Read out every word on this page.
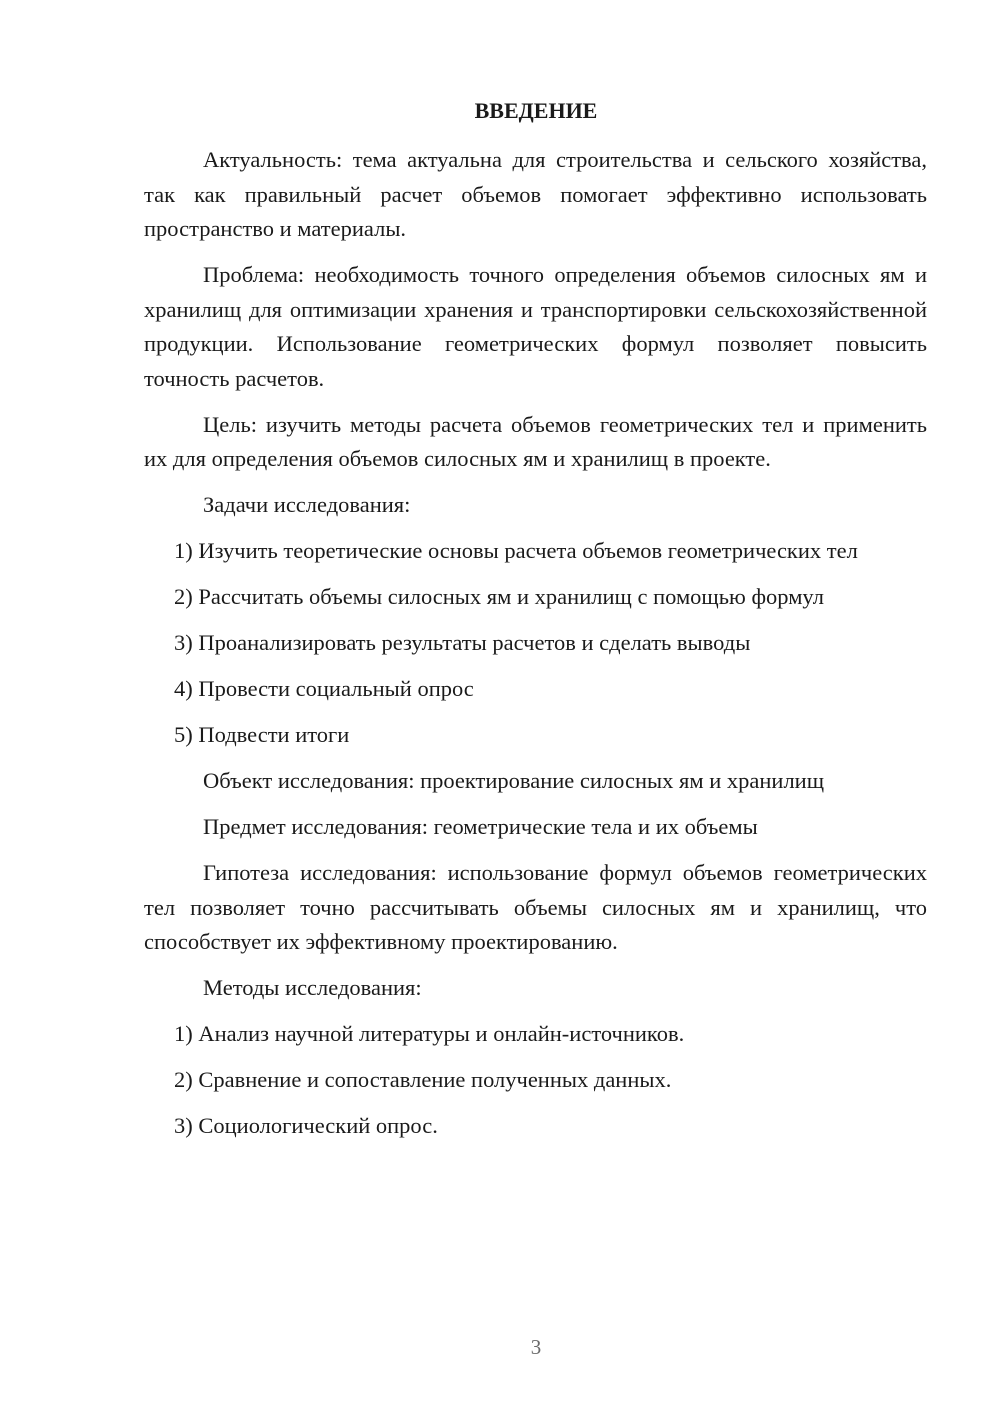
ВВЕДЕНИЕ

Актуальность: тема актуальна для строительства и сельского хозяйства, так как правильный расчет объемов помогает эффективно использовать пространство и материалы.

Проблема: необходимость точного определения объемов силосных ям и хранилищ для оптимизации хранения и транспортировки сельскохозяйственной продукции. Использование геометрических формул позволяет повысить точность расчетов.

Цель: изучить методы расчета объемов геометрических тел и применить их для определения объемов силосных ям и хранилищ в проекте.

Задачи исследования:

1) Изучить теоретические основы расчета объемов геометрических тел

2) Рассчитать объемы силосных ям и хранилищ с помощью формул

3) Проанализировать результаты расчетов и сделать выводы

4) Провести социальный опрос

5) Подвести итоги

Объект исследования: проектирование силосных ям и хранилищ

Предмет исследования: геометрические тела и их объемы

Гипотеза исследования: использование формул объемов геометрических тел позволяет точно рассчитывать объемы силосных ям и хранилищ, что способствует их эффективному проектированию.

Методы исследования:

1) Анализ научной литературы и онлайн-источников.

2) Сравнение и сопоставление полученных данных.

3) Социологический опрос.

3
